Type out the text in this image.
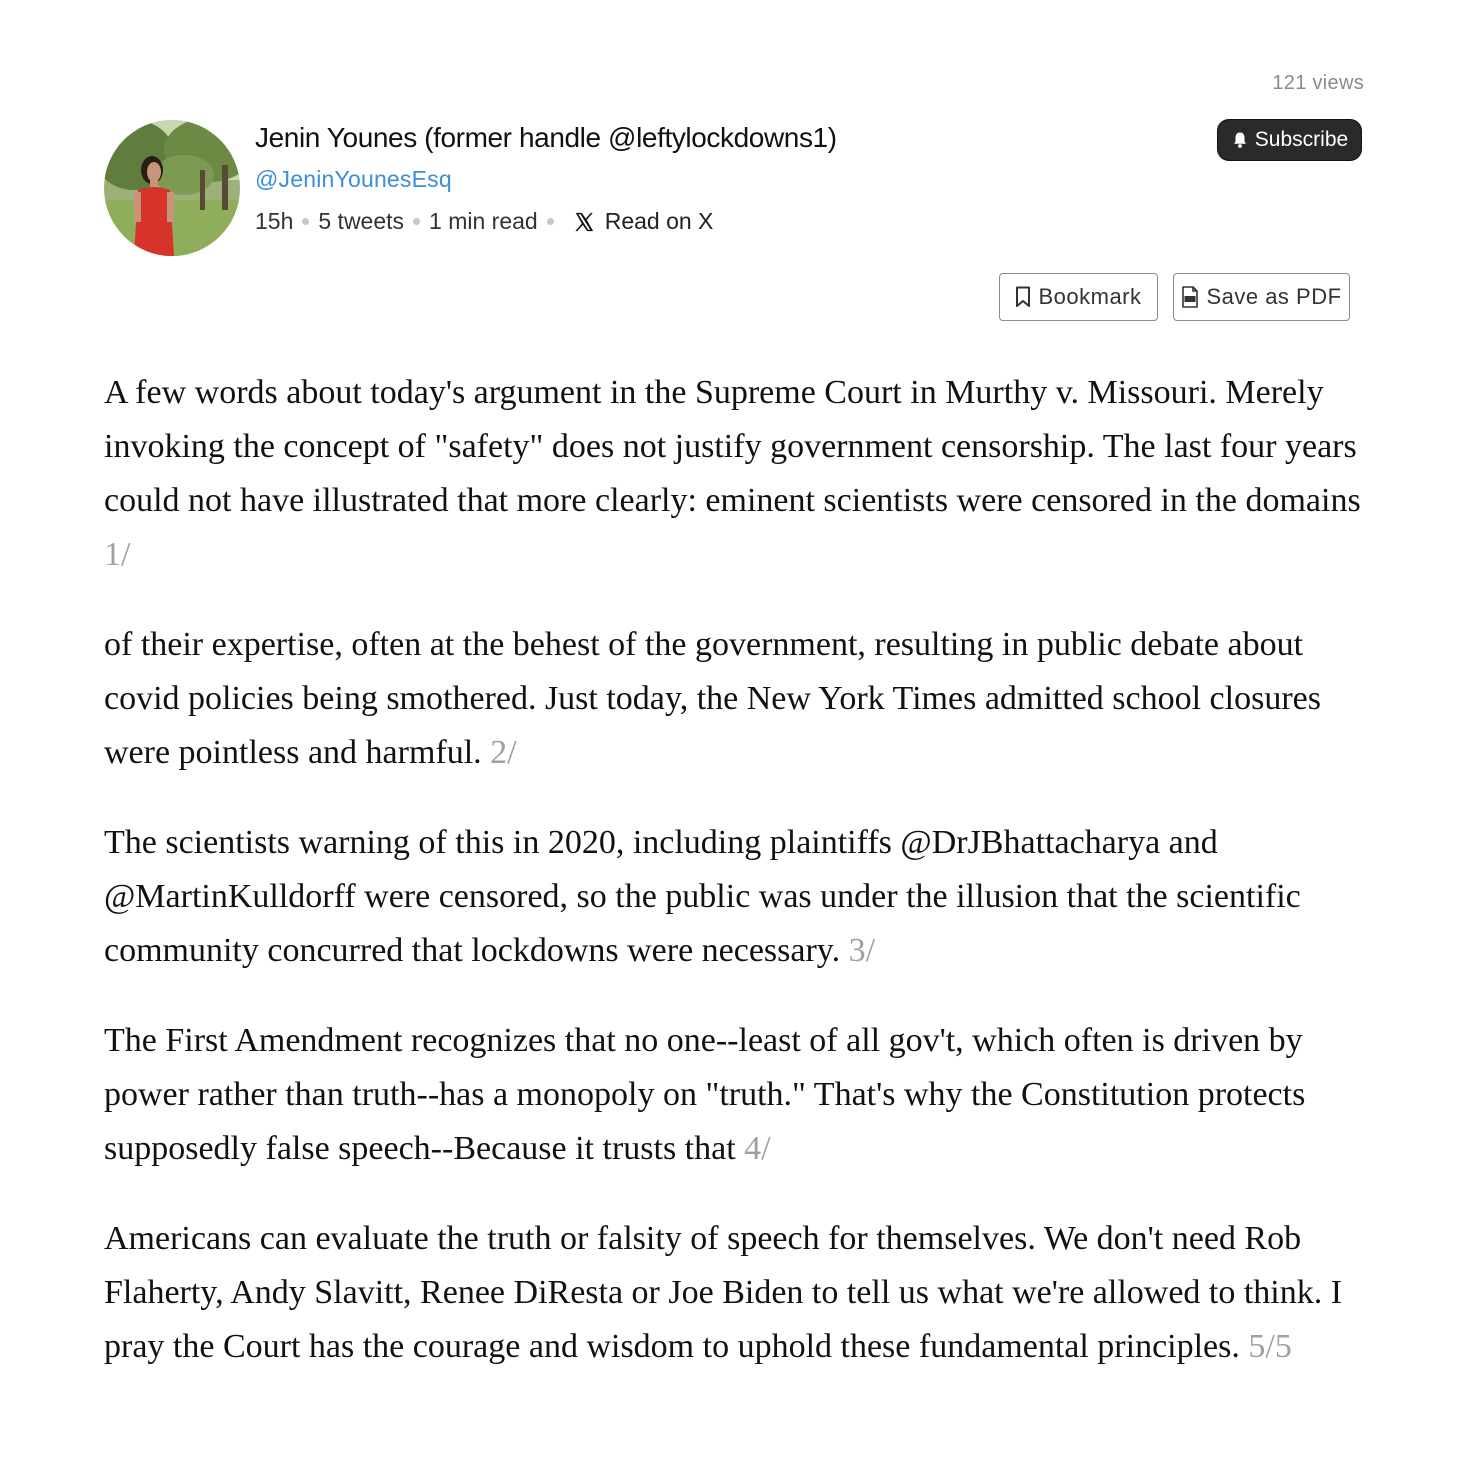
121 views
Jenin Younes (former handle @leftylockdowns1)
@JeninYounesEsq
15h 5 tweets 1 min read	Read on X
Subscribe
Bookmark	Save as PDF

A few words about today's argument in the Supreme Court in Murthy v. Missouri. Merely invoking the concept of "safety" does not justify government censorship. The last four years could not have illustrated that more clearly: eminent scientists were censored in the domains 1/

of their expertise, often at the behest of the government, resulting in public debate about covid policies being smothered. Just today, the New York Times admitted school closures were pointless and harmful. 2/

The scientists warning of this in 2020, including plaintiffs @DrJBhattacharya and @MartinKulldorff were censored, so the public was under the illusion that the scientific community concurred that lockdowns were necessary. 3/

The First Amendment recognizes that no one--least of all gov't, which often is driven by power rather than truth--has a monopoly on "truth." That's why the Constitution protects supposedly false speech--Because it trusts that 4/

Americans can evaluate the truth or falsity of speech for themselves. We don't need Rob Flaherty, Andy Slavitt, Renee DiResta or Joe Biden to tell us what we're allowed to think. I pray the Court has the courage and wisdom to uphold these fundamental principles. 5/5
